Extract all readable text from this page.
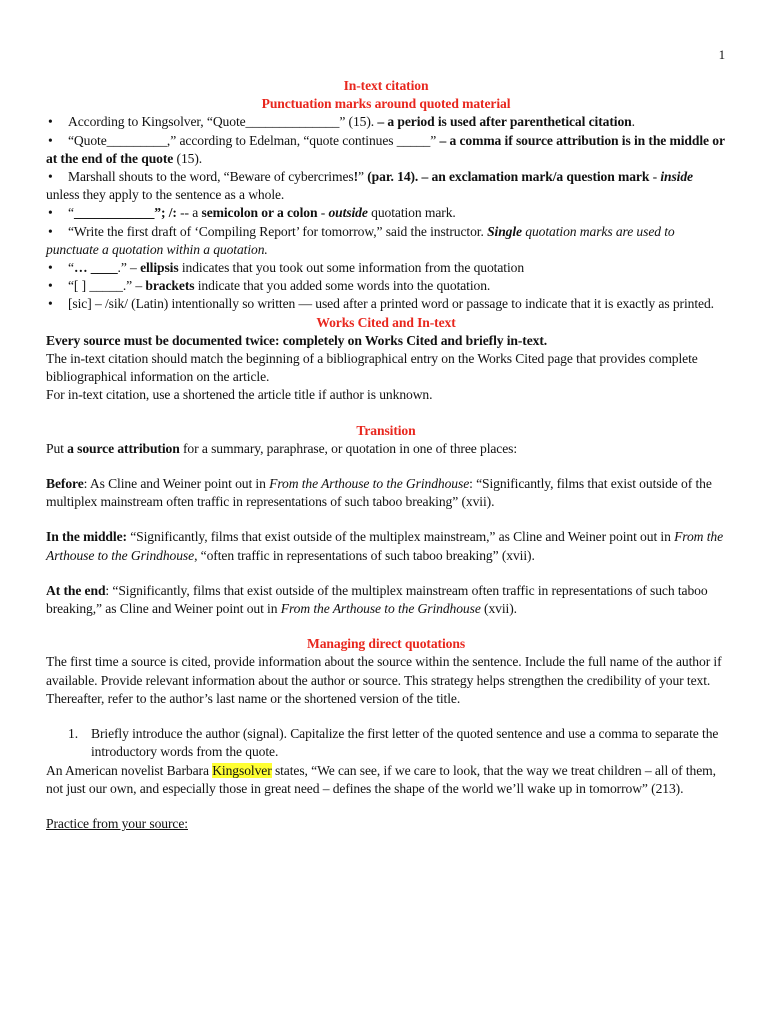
1
In-text citation
Punctuation marks around quoted material
• According to Kingsolver, “Quote______________” (15). – a period is used after parenthetical citation.
• “Quote_________,” according to Edelman, “quote continues _____” – a comma if source attribution is in the middle or at the end of the quote (15).
• Marshall shouts to the word, “Beware of cybercrimes!” (par. 14). – an exclamation mark/a question mark - inside unless they apply to the sentence as a whole.
• “____________”; /: -- a semicolon or a colon - outside quotation mark.
• “Write the first draft of ‘Compiling Report’ for tomorrow,” said the instructor. Single quotation marks are used to punctuate a quotation within a quotation.
• “… ____.” – ellipsis indicates that you took out some information from the quotation
• “[ ] _____.” – brackets indicate that you added some words into the quotation.
• [sic] – /sik/ (Latin) intentionally so written — used after a printed word or passage to indicate that it is exactly as printed.
Works Cited and In-text

Every source must be documented twice: completely on Works Cited and briefly in-text.

The in-text citation should match the beginning of a bibliographical entry on the Works Cited page that provides complete bibliographical information on the article.

For in-text citation, use a shortened the article title if author is unknown.

Transition

Put a source attribution for a summary, paraphrase, or quotation in one of three places:

Before: As Cline and Weiner point out in From the Arthouse to the Grindhouse: “Significantly, films that exist outside of the multiplex mainstream often traffic in representations of such taboo breaking” (xvii).

In the middle: “Significantly, films that exist outside of the multiplex mainstream,” as Cline and Weiner point out in From the Arthouse to the Grindhouse, “often traffic in representations of such taboo breaking” (xvii).

At the end: “Significantly, films that exist outside of the multiplex mainstream often traffic in representations of such taboo breaking,” as Cline and Weiner point out in From the Arthouse to the Grindhouse (xvii).

Managing direct quotations

The first time a source is cited, provide information about the source within the sentence. Include the full name of the author if available. Provide relevant information about the author or source. This strategy helps strengthen the credibility of your text. Thereafter, refer to the author’s last name or the shortened version of the title.

1. Briefly introduce the author (signal). Capitalize the first letter of the quoted sentence and use a comma to separate the introductory words from the quote.

An American novelist Barbara Kingsolver states, “We can see, if we care to look, that the way we treat children – all of them, not just our own, and especially those in great need – defines the shape of the world we’ll wake up in tomorrow” (213).

Practice from your source:
